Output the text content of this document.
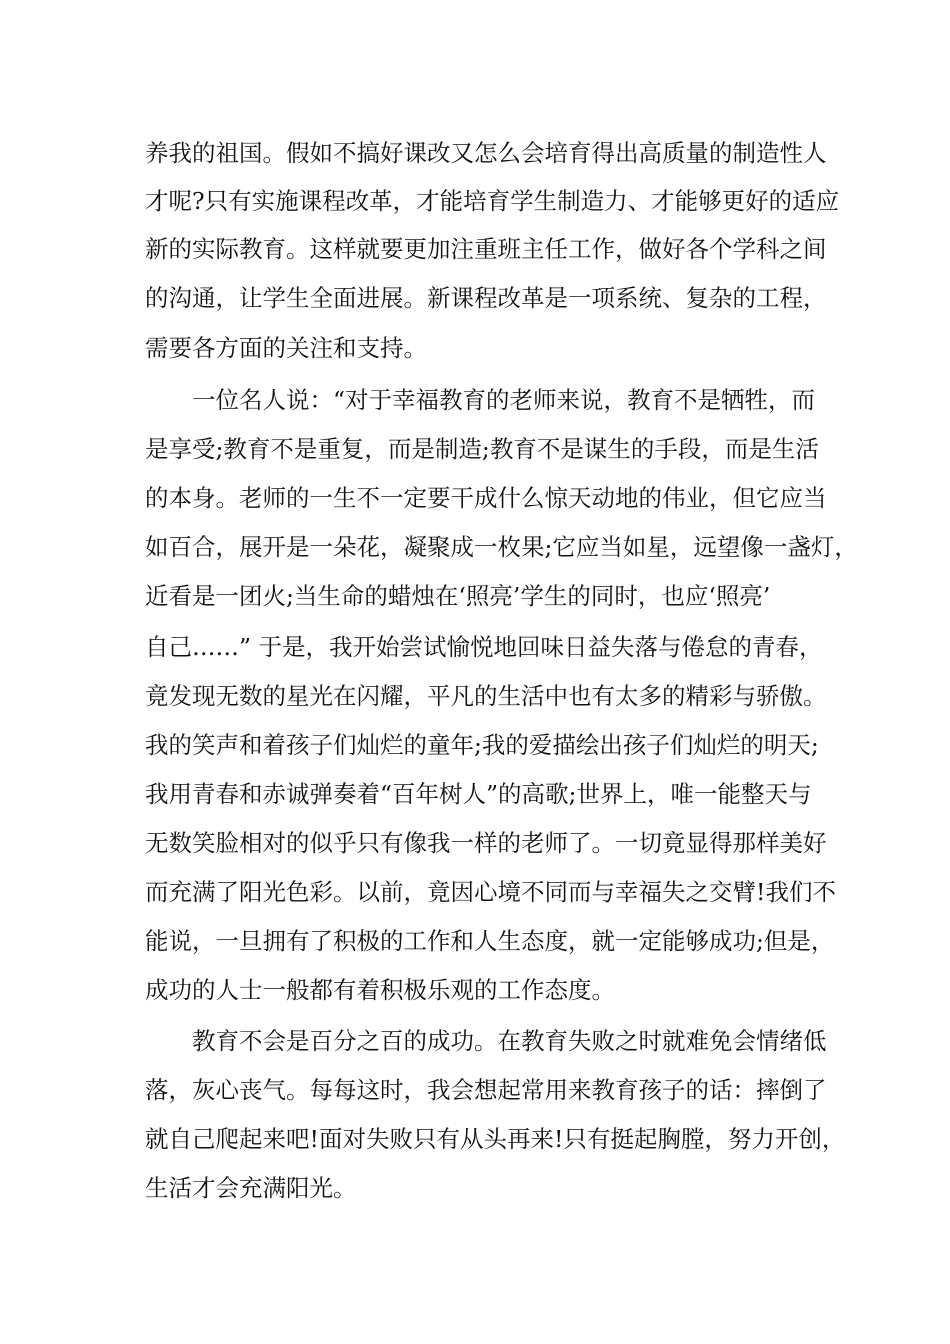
养我的祖国。假如不搞好课改又怎么会培育得出高质量的制造性人
才呢?只有实施课程改革，才能培育学生制造力、才能够更好的适应
新的实际教育。这样就要更加注重班主任工作，做好各个学科之间
的沟通，让学生全面进展。新课程改革是一项系统、复杂的工程，
需要各方面的关注和支持。
一位名人说：“对于幸福教育的老师来说，教育不是牺牲，而
是享受;教育不是重复，而是制造;教育不是谋生的手段，而是生活
的本身。老师的一生不一定要干成什么惊天动地的伟业，但它应当
如百合，展开是一朵花，凝聚成一枚果;它应当如星，远望像一盏灯，
近看是一团火;当生命的蜡烛在‘照亮’学生的同时，也应‘照亮’
自己……” 于是，我开始尝试愉悦地回味日益失落与倦怠的青春，
竟发现无数的星光在闪耀，平凡的生活中也有太多的精彩与骄傲。
我的笑声和着孩子们灿烂的童年;我的爱描绘出孩子们灿烂的明天;
我用青春和赤诚弹奏着“百年树人”的高歌;世界上，唯一能整天与
无数笑脸相对的似乎只有像我一样的老师了。一切竟显得那样美好
而充满了阳光色彩。以前，竟因心境不同而与幸福失之交臂!我们不
能说，一旦拥有了积极的工作和人生态度，就一定能够成功;但是，
成功的人士一般都有着积极乐观的工作态度。
教育不会是百分之百的成功。在教育失败之时就难免会情绪低
落，灰心丧气。每每这时，我会想起常用来教育孩子的话：摔倒了
就自己爬起来吧!面对失败只有从头再来!只有挺起胸膛，努力开创，
生活才会充满阳光。
